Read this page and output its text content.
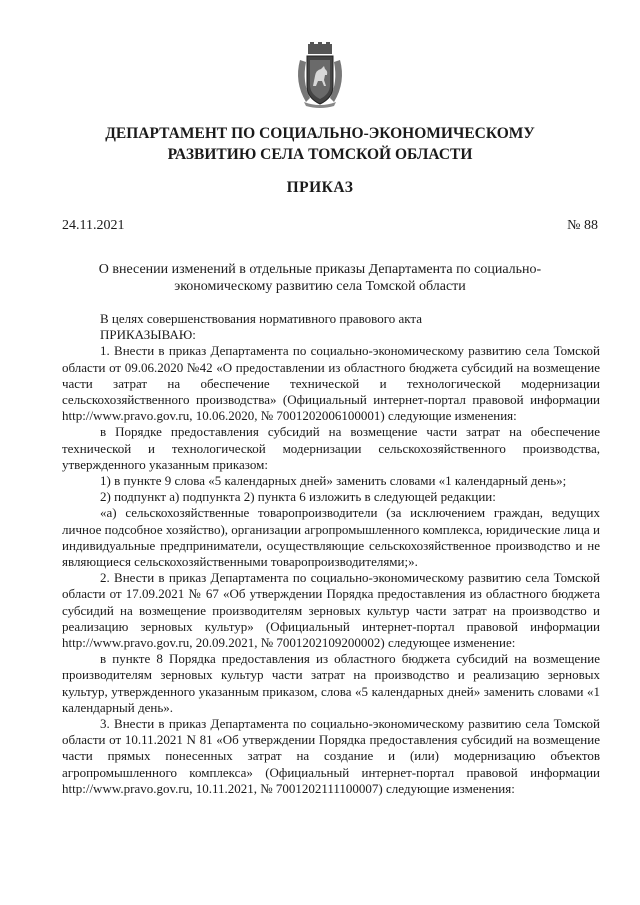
ДЕПАРТАМЕНТ ПО СОЦИАЛЬНО-ЭКОНОМИЧЕСКОМУ
РАЗВИТИЮ СЕЛА ТОМСКОЙ ОБЛАСТИ
ПРИКАЗ
24.11.2021	№ 88
О внесении изменений в отдельные приказы Департамента по социально-
экономическому развитию села Томской области

В целях совершенствования нормативного правового акта

ПРИКАЗЫВАЮ:

1. Внести в приказ Департамента по социально-экономическому развитию села Томской области от 09.06.2020 №42 «О предоставлении из областного бюджета субсидий на возмещение части затрат на обеспечение технической и технологической модернизации сельскохозяйственного производства» (Официальный интернет-портал правовой информации http://www.pravo.gov.ru, 10.06.2020, № 7001202006100001) следующие изменения:

в Порядке предоставления субсидий на возмещение части затрат на обеспечение технической и технологической модернизации сельскохозяйственного производства, утвержденного указанным приказом:

1) в пункте 9 слова «5 календарных дней» заменить словами «1 календарный день»;

2) подпункт а) подпункта 2) пункта 6 изложить в следующей редакции:

«а) сельскохозяйственные товаропроизводители (за исключением граждан, ведущих личное подсобное хозяйство), организации агропромышленного комплекса, юридические лица и индивидуальные предприниматели, осуществляющие сельскохозяйственное производство и не являющиеся сельскохозяйственными товаропроизводителями;».

2. Внести в приказ Департамента по социально-экономическому развитию села Томской области от 17.09.2021 № 67 «Об утверждении Порядка предоставления из областного бюджета субсидий на возмещение производителям зерновых культур части затрат на производство и реализацию зерновых культур» (Официальный интернет-портал правовой информации http://www.pravo.gov.ru, 20.09.2021, № 7001202109200002) следующее изменение:

в пункте 8 Порядка предоставления из областного бюджета субсидий на возмещение производителям зерновых культур части затрат на производство и реализацию зерновых культур, утвержденного указанным приказом, слова «5 календарных дней» заменить словами «1 календарный день».

3. Внести в приказ Департамента по социально-экономическому развитию села Томской области от 10.11.2021 N 81 «Об утверждении Порядка предоставления субсидий на возмещение части прямых понесенных затрат на создание и (или) модернизацию объектов агропромышленного комплекса» (Официальный интернет-портал правовой информации http://www.pravo.gov.ru, 10.11.2021, № 7001202111100007) следующие изменения:
